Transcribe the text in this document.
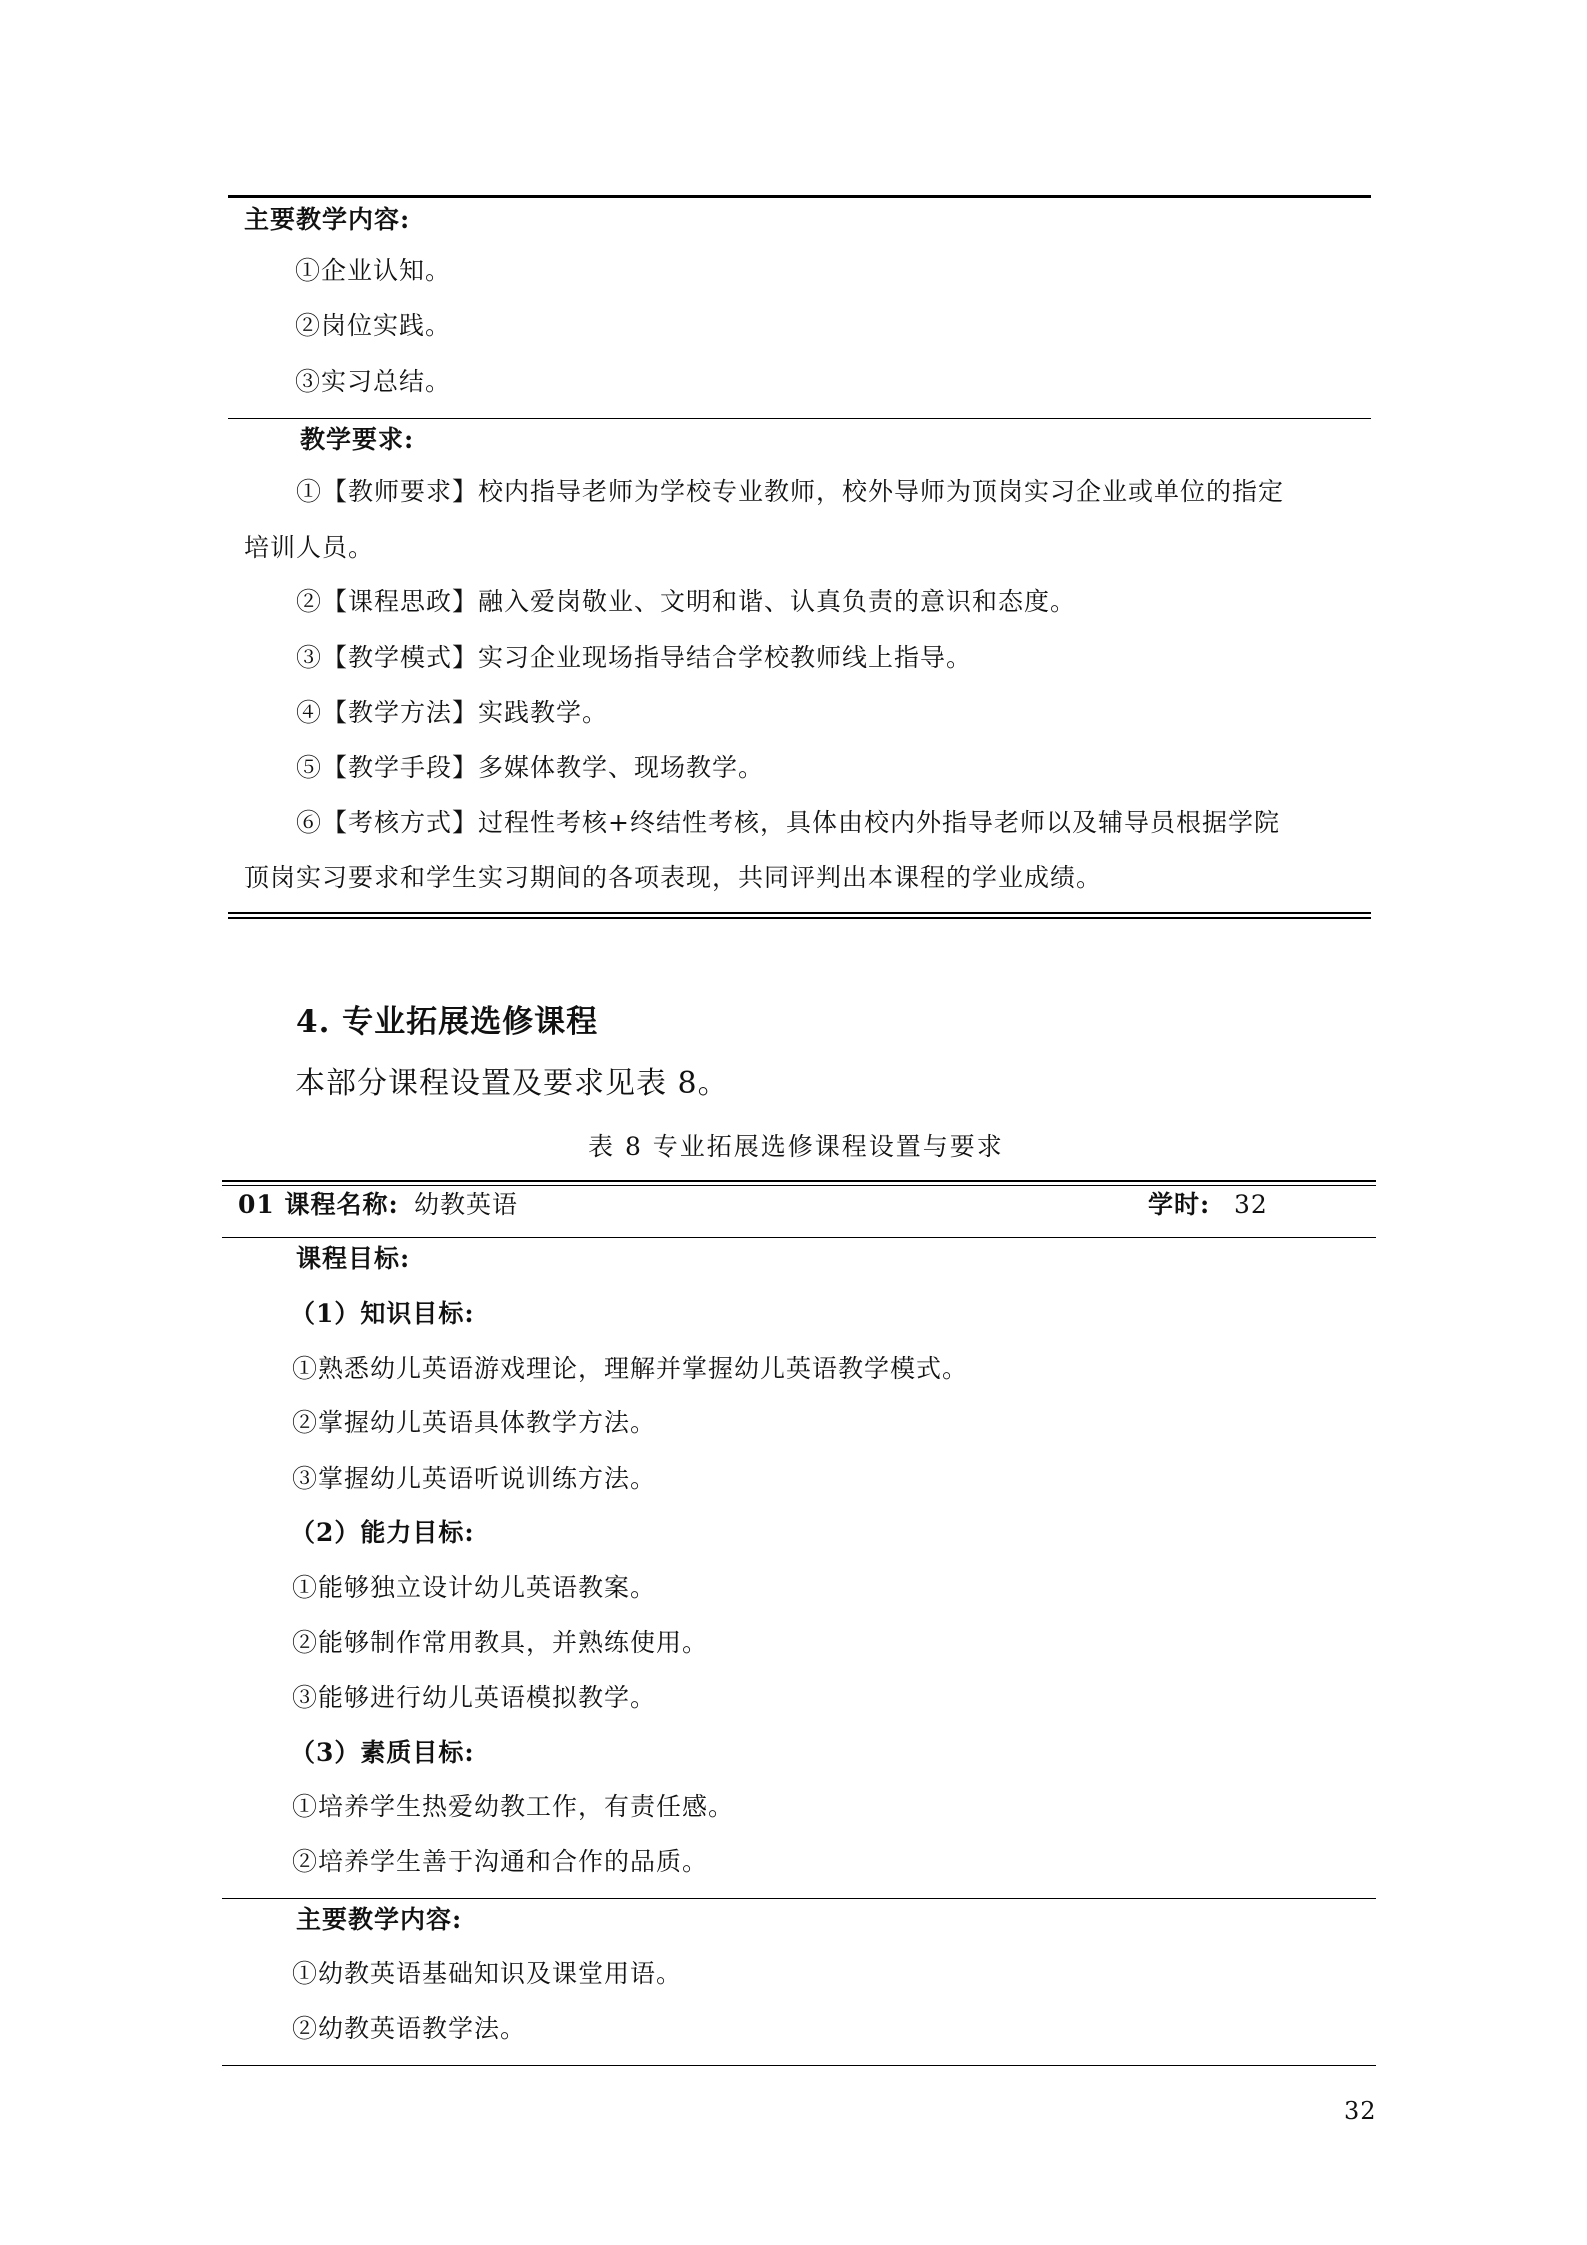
主要教学内容:
①企业认知。
②岗位实践。
③实习总结。
教学要求:
①【教师要求】校内指导老师为学校专业教师，校外导师为顶岗实习企业或单位的指定
培训人员。
②【课程思政】融入爱岗敬业、文明和谐、认真负责的意识和态度。
③【教学模式】实习企业现场指导结合学校教师线上指导。
④【教学方法】实践教学。
⑤【教学手段】多媒体教学、现场教学。
⑥【考核方式】过程性考核+终结性考核，具体由校内外指导老师以及辅导员根据学院
顶岗实习要求和学生实习期间的各项表现，共同评判出本课程的学业成绩。
4. 专业拓展选修课程
本部分课程设置及要求见表 8。
表 8 专业拓展选修课程设置与要求
01 课程名称: 幼教英语	学时: 32
课程目标:
（1）知识目标:
①熟悉幼儿英语游戏理论，理解并掌握幼儿英语教学模式。
②掌握幼儿英语具体教学方法。
③掌握幼儿英语听说训练方法。
（2）能力目标:
①能够独立设计幼儿英语教案。
②能够制作常用教具，并熟练使用。
③能够进行幼儿英语模拟教学。
（3）素质目标:
①培养学生热爱幼教工作，有责任感。
②培养学生善于沟通和合作的品质。
主要教学内容:
①幼教英语基础知识及课堂用语。
②幼教英语教学法。
32
